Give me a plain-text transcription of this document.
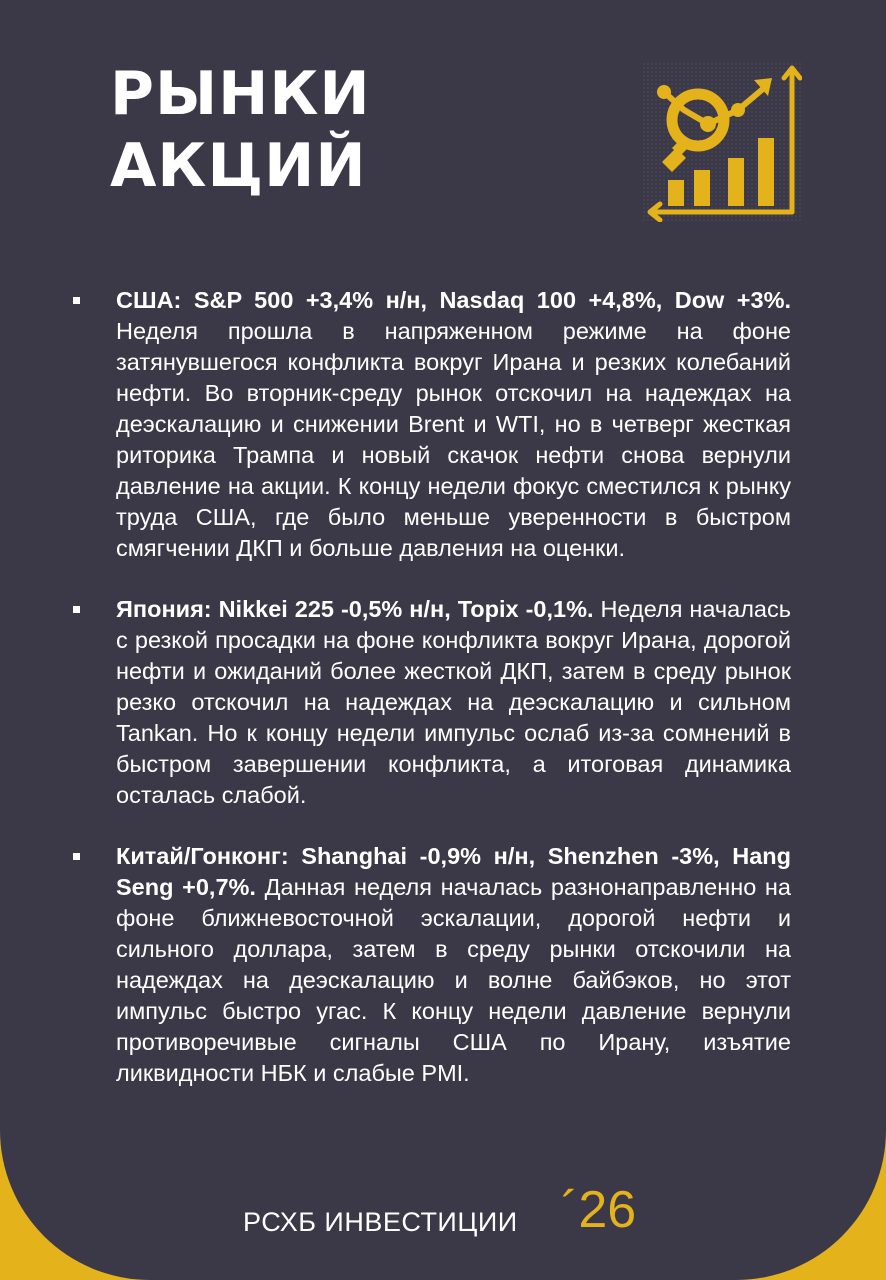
РЫНКИ
АКЦИЙ

США: S&P 500 +3,4% н/н, Nasdaq 100 +4,8%, Dow +3%. Неделя прошла в напряженном режиме на фоне затянувшегося конфликта вокруг Ирана и резких колебаний нефти. Во вторник-среду рынок отскочил на надеждах на деэскалацию и снижении Brent и WTI, но в четверг жесткая риторика Трампа и новый скачок нефти снова вернули давление на акции. К концу недели фокус сместился к рынку труда США, где было меньше уверенности в быстром смягчении ДКП и больше давления на оценки.

Япония: Nikkei 225 -0,5% н/н, Topix -0,1%. Неделя началась с резкой просадки на фоне конфликта вокруг Ирана, дорогой нефти и ожиданий более жесткой ДКП, затем в среду рынок резко отскочил на надеждах на деэскалацию и сильном Tankan. Но к концу недели импульс ослаб из-за сомнений в быстром завершении конфликта, а итоговая динамика осталась слабой.

Китай/Гонконг: Shanghai -0,9% н/н, Shenzhen -3%, Hang Seng +0,7%. Данная неделя началась разнонаправленно на фоне ближневосточной эскалации, дорогой нефти и сильного доллара, затем в среду рынки отскочили на надеждах на деэскалацию и волне байбэков, но этот импульс быстро угас. К концу недели давление вернули противоречивые сигналы США по Ирану, изъятие ликвидности НБК и слабые PMI.

РСХБ ИНВЕСТИЦИИ ´26
